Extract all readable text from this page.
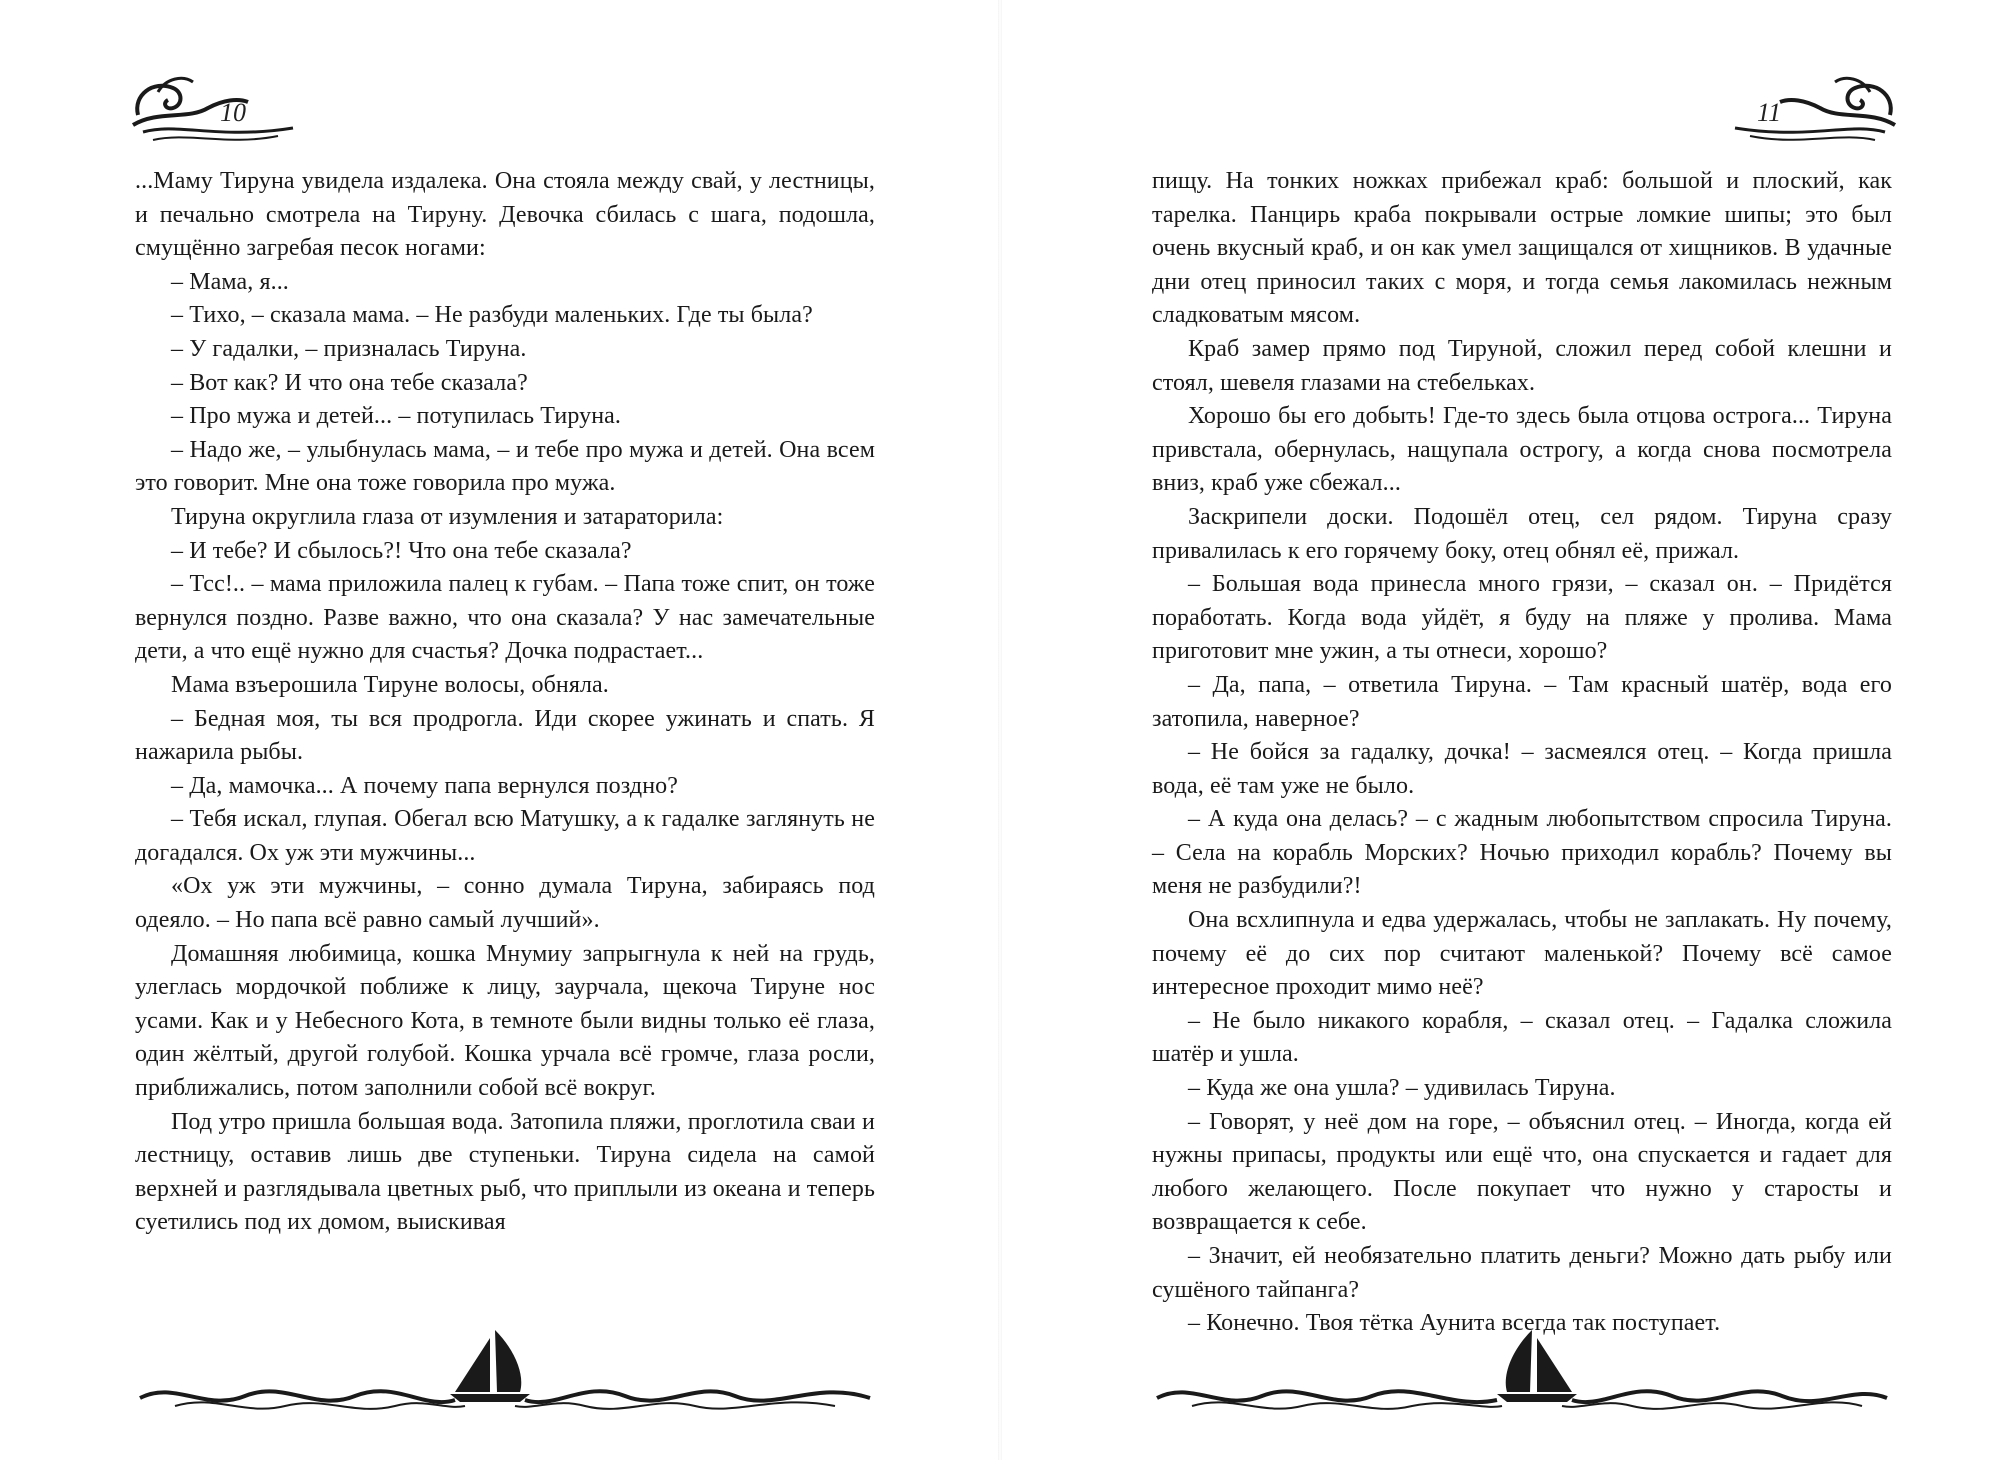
10

...Маму Тируна увидела издалека. Она стояла между свай, у лестницы, и печально смотрела на Тируну. Девочка сбилась с шага, подошла, смущённо загребая песок ногами:

– Мама, я...

– Тихо, – сказала мама. – Не разбуди маленьких. Где ты была?

– У гадалки, – призналась Тируна.

– Вот как? И что она тебе сказала?

– Про мужа и детей... – потупилась Тируна.

– Надо же, – улыбнулась мама, – и тебе про мужа и детей. Она всем это говорит. Мне она тоже говорила про мужа.

Тируна округлила глаза от изумления и затараторила:

– И тебе? И сбылось?! Что она тебе сказала?

– Тсс!.. – мама приложила палец к губам. – Папа тоже спит, он тоже вернулся поздно. Разве важно, что она сказала? У нас замечательные дети, а что ещё нужно для счастья? Дочка подрастает...

Мама взъерошила Тируне волосы, обняла.

– Бедная моя, ты вся продрогла. Иди скорее ужинать и спать. Я нажарила рыбы.

– Да, мамочка... А почему папа вернулся поздно?

– Тебя искал, глупая. Обегал всю Матушку, а к гадалке заглянуть не догадался. Ох уж эти мужчины...

«Ох уж эти мужчины, – сонно думала Тируна, забираясь под одеяло. – Но папа всё равно самый лучший».

Домашняя любимица, кошка Мнумиу запрыгнула к ней на грудь, улеглась мордочкой поближе к лицу, заурчала, щекоча Тируне нос усами. Как и у Небесного Кота, в темноте были видны только её глаза, один жёлтый, другой голубой. Кошка урчала всё громче, глаза росли, приближались, потом заполнили собой всё вокруг.

Под утро пришла большая вода. Затопила пляжи, проглотила сваи и лестницу, оставив лишь две ступеньки. Тируна сидела на самой верхней и разглядывала цветных рыб, что приплыли из океана и теперь суетились под их домом, выискивая

11

пищу. На тонких ножках прибежал краб: большой и плоский, как тарелка. Панцирь краба покрывали острые ломкие шипы; это был очень вкусный краб, и он как умел защищался от хищников. В удачные дни отец приносил таких с моря, и тогда семья лакомилась нежным сладковатым мясом.

Краб замер прямо под Тируной, сложил перед собой клешни и стоял, шевеля глазами на стебельках.

Хорошо бы его добыть! Где-то здесь была отцова острога... Тируна привстала, обернулась, нащупала острогу, а когда снова посмотрела вниз, краб уже сбежал...

Заскрипели доски. Подошёл отец, сел рядом. Тируна сразу привалилась к его горячему боку, отец обнял её, прижал.

– Большая вода принесла много грязи, – сказал он. – Придётся поработать. Когда вода уйдёт, я буду на пляже у пролива. Мама приготовит мне ужин, а ты отнеси, хорошо?

– Да, папа, – ответила Тируна. – Там красный шатёр, вода его затопила, наверное?

– Не бойся за гадалку, дочка! – засмеялся отец. – Когда пришла вода, её там уже не было.

– А куда она делась? – с жадным любопытством спросила Тируна. – Села на корабль Морских? Ночью приходил корабль? Почему вы меня не разбудили?!

Она всхлипнула и едва удержалась, чтобы не заплакать. Ну почему, почему её до сих пор считают маленькой? Почему всё самое интересное проходит мимо неё?

– Не было никакого корабля, – сказал отец. – Гадалка сложила шатёр и ушла.

– Куда же она ушла? – удивилась Тируна.

– Говорят, у неё дом на горе, – объяснил отец. – Иногда, когда ей нужны припасы, продукты или ещё что, она спускается и гадает для любого желающего. После покупает что нужно у старосты и возвращается к себе.

– Значит, ей необязательно платить деньги? Можно дать рыбу или сушёного тайпанга?

– Конечно. Твоя тётка Аунита всегда так поступает.
